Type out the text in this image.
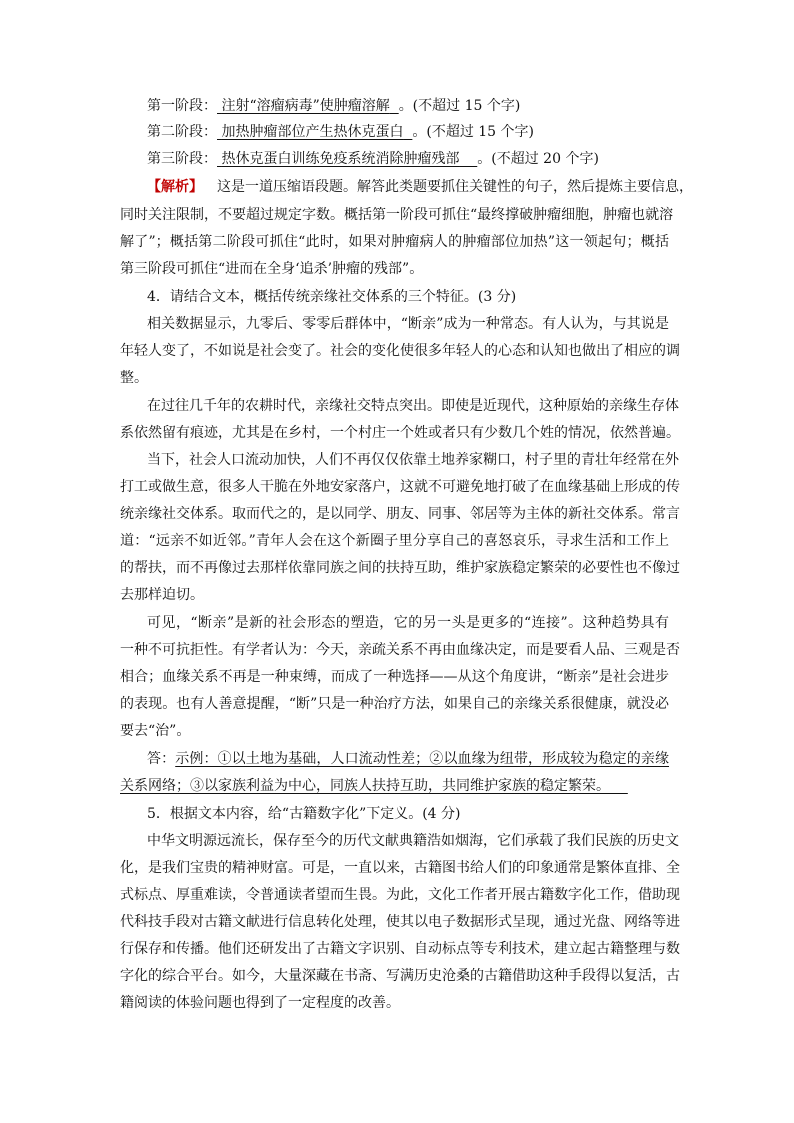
第一阶段： 注射“溶瘤病毒”使肿瘤溶解 。(不超过 15 个字)
第二阶段： 加热肿瘤部位产生热休克蛋白 。(不超过 15 个字)
第三阶段： 热休克蛋白训练免疫系统消除肿瘤残部 。(不超过 20 个字)
【解析】 这是一道压缩语段题。解答此类题要抓住关键性的句子，然后提炼主要信息，
同时关注限制，不要超过规定字数。概括第一阶段可抓住“最终撑破肿瘤细胞，肿瘤也就溶
解了”；概括第二阶段可抓住“此时，如果对肿瘤病人的肿瘤部位加热”这一领起句；概括
第三阶段可抓住“进而在全身‘追杀’肿瘤的残部”。
4．请结合文本，概括传统亲缘社交体系的三个特征。(3 分)
相关数据显示，九零后、零零后群体中，“断亲”成为一种常态。有人认为，与其说是
年轻人变了，不如说是社会变了。社会的变化使很多年轻人的心态和认知也做出了相应的调
整。
在过往几千年的农耕时代，亲缘社交特点突出。即使是近现代，这种原始的亲缘生存体
系依然留有痕迹，尤其是在乡村，一个村庄一个姓或者只有少数几个姓的情况，依然普遍。
当下，社会人口流动加快，人们不再仅仅依靠土地养家糊口，村子里的青壮年经常在外
打工或做生意，很多人干脆在外地安家落户，这就不可避免地打破了在血缘基础上形成的传
统亲缘社交体系。取而代之的，是以同学、朋友、同事、邻居等为主体的新社交体系。常言
道：“远亲不如近邻。”青年人会在这个新圈子里分享自己的喜怒哀乐，寻求生活和工作上
的帮扶，而不再像过去那样依靠同族之间的扶持互助，维护家族稳定繁荣的必要性也不像过
去那样迫切。
可见，“断亲”是新的社会形态的塑造，它的另一头是更多的“连接”。这种趋势具有
一种不可抗拒性。有学者认为：今天，亲疏关系不再由血缘决定，而是要看人品、三观是否
相合；血缘关系不再是一种束缚，而成了一种选择——从这个角度讲，“断亲”是社会进步
的表现。也有人善意提醒，“断”只是一种治疗方法，如果自己的亲缘关系很健康，就没必
要去“治”。
答：示例：①以土地为基础，人口流动性差；②以血缘为纽带，形成较为稳定的亲缘
关系网络；③以家族利益为中心，同族人扶持互助，共同维护家族的稳定繁荣。
5．根据文本内容，给“古籍数字化”下定义。(4 分)
中华文明源远流长，保存至今的历代文献典籍浩如烟海，它们承载了我们民族的历史文
化，是我们宝贵的精神财富。可是，一直以来，古籍图书给人们的印象通常是繁体直排、全
式标点、厚重难读，令普通读者望而生畏。为此，文化工作者开展古籍数字化工作，借助现
代科技手段对古籍文献进行信息转化处理，使其以电子数据形式呈现，通过光盘、网络等进
行保存和传播。他们还研发出了古籍文字识别、自动标点等专利技术，建立起古籍整理与数
字化的综合平台。如今，大量深藏在书斋、写满历史沧桑的古籍借助这种手段得以复活，古
籍阅读的体验问题也得到了一定程度的改善。
